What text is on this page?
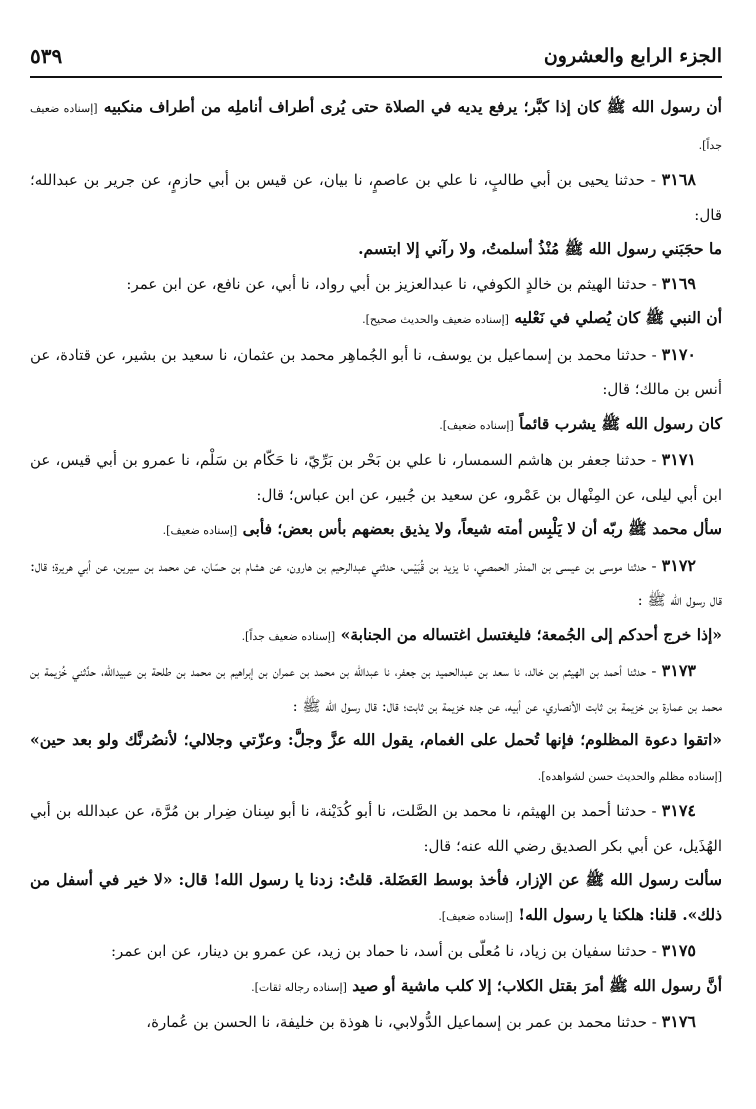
الجزء الرابع والعشرون
٥٣٩

أن رسول الله ﷺ كان إذا كبَّر؛ يرفع يديه في الصلاة حتى يُرى أطراف أناملِه من أطراف منكبيه [إسناده ضعيف جداً].

٣١٦٨ - حدثنا يحيى بن أبي طالبٍ، نا علي بن عاصمٍ، نا بيان، عن قيس بن أبي حازمٍ، عن جرير بن عبدالله؛ قال:

ما حجَبَني رسول الله ﷺ مُنْذُ أسلمتُ، ولا رآني إلا ابتسم.

٣١٦٩ - حدثنا الهيثم بن خالدٍ الكوفي، نا عبدالعزيز بن أبي رواد، نا أبي، عن نافع، عن ابن عمر:

أن النبي ﷺ كان يُصلي في نَعْليه [إسناده ضعيف والحديث صحيح].

٣١٧٠ - حدثنا محمد بن إسماعيل بن يوسف، نا أبو الجُماهِر محمد بن عثمان، نا سعيد بن بشير، عن قتادة، عن أنس بن مالك؛ قال:

كان رسول الله ﷺ يشرب قائماً [إسناده ضعيف].

٣١٧١ - حدثنا جعفر بن هاشم السمسار، نا علي بن بَحْر بن بَرِّيّ، نا حَكّام بن سَلْم، نا عمرو بن أبي قيس، عن ابن أبي ليلى، عن المِنْهال بن عَمْرو، عن سعيد بن جُبير، عن ابن عباس؛ قال:

سأل محمد ﷺ ربّه أن لا يَلْبِس أمته شيعاً، ولا يذيق بعضهم بأس بعض؛ فأبى [إسناده ضعيف].

٣١٧٢ - حدثنا موسى بن عيسى بن المنذر الحمصي، نا يزيد بن قُبَيْس، حدثني عبدالرحيم بن هارون، عن هشام بن حسّان، عن محمد بن سيرين، عن أبي هريرة؛ قال: قال رسول الله ﷺ :

«إذا خرج أحدكم إلى الجُمعة؛ فليغتسل اغتساله من الجنابة» [إسناده ضعيف جداً].

٣١٧٣ - حدثنا أحمد بن الهيثم بن خالد، نا سعد بن عبدالحميد بن جعفر، نا عبدالله بن محمد بن عمران بن إبراهيم بن محمد بن طلحة بن عبيدالله، حدَّثني خُزيمة بن محمد بن عمارة بن خزيمة بن ثابت الأنصاري، عن أبيه، عن جده خزيمة بن ثابت؛ قال: قال رسول الله ﷺ :

«اتقوا دعوة المظلوم؛ فإنها تُحمل على الغمام، يقول الله عزَّ وجلَّ: وعزّتي وجلالي؛ لأنصُرنَّك ولو بعد حين» [إسناده مظلم والحديث حسن لشواهده].

٣١٧٤ - حدثنا أحمد بن الهيثم، نا محمد بن الصَّلت، نا أبو كُدَيْنة، نا أبو سِنان ضِرار بن مُرَّة، عن عبدالله بن أبي الهُذَيل، عن أبي بكر الصديق رضي الله عنه؛ قال:

سألت رسول الله ﷺ عن الإزار، فأخذ بوسط العَضَلة. قلتُ: زدنا يا رسول الله! قال: «لا خير في أسفل من ذلك». قلنا: هلكنا يا رسول الله! [إسناده ضعيف].

٣١٧٥ - حدثنا سفيان بن زياد، نا مُعلّى بن أسد، نا حماد بن زيد، عن عمرو بن دينار، عن ابن عمر:

أنَّ رسول الله ﷺ أمرَ بقتل الكلاب؛ إلا كلب ماشية أو صيد [إسناده رجاله ثقات].

٣١٧٦ - حدثنا محمد بن عمر بن إسماعيل الدُّولابي، نا هوذة بن خليفة، نا الحسن بن عُمارة،
